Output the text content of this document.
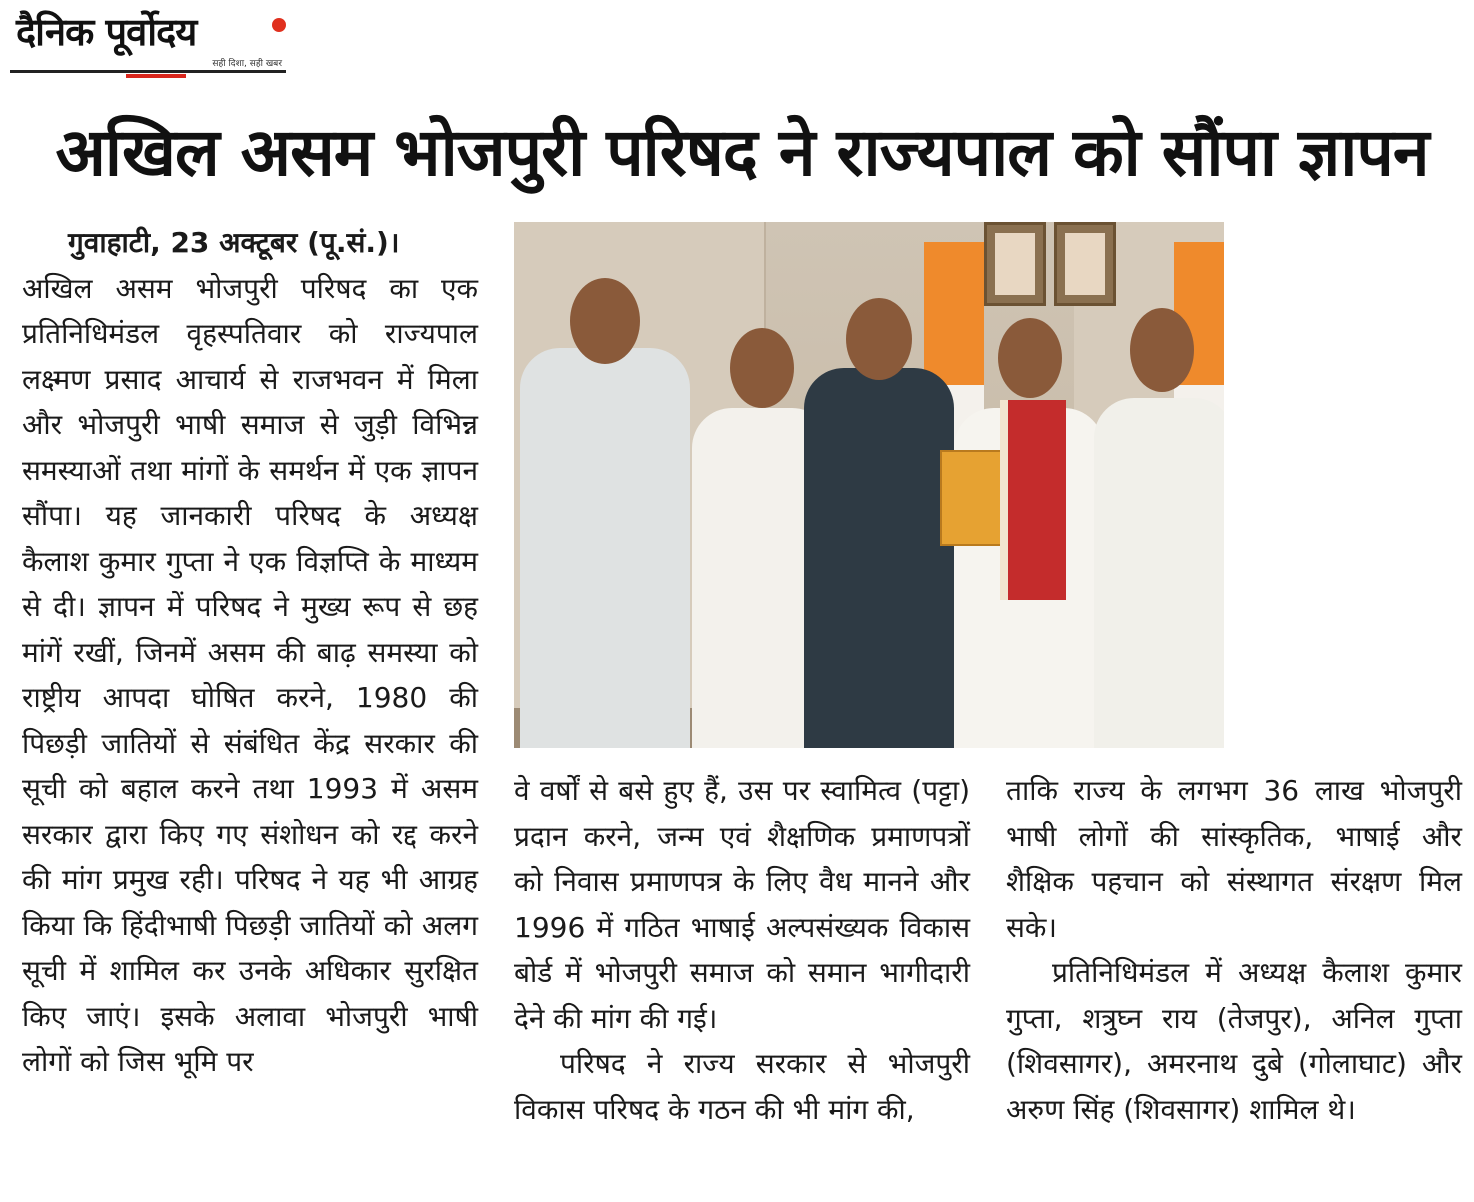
दैनिक पूर्वोदय
सही दिशा, सही खबर
अखिल असम भोजपुरी परिषद ने राज्यपाल को सौंपा ज्ञापन

गुवाहाटी, 23 अक्टूबर (पू.सं.)।

अखिल असम भोजपुरी परिषद का एक प्रतिनिधिमंडल वृहस्पतिवार को राज्यपाल लक्ष्मण प्रसाद आचार्य से राजभवन में मिला और भोजपुरी भाषी समाज से जुड़ी विभिन्न समस्याओं तथा मांगों के समर्थन में एक ज्ञापन सौंपा। यह जानकारी परिषद के अध्यक्ष कैलाश कुमार गुप्ता ने एक विज्ञप्ति के माध्यम से दी। ज्ञापन में परिषद ने मुख्य रूप से छह मांगें रखीं, जिनमें असम की बाढ़ समस्या को राष्ट्रीय आपदा घोषित करने, 1980 की पिछड़ी जातियों से संबंधित केंद्र सरकार की सूची को बहाल करने तथा 1993 में असम सरकार द्वारा किए गए संशोधन को रद्द करने की मांग प्रमुख रही। परिषद ने यह भी आग्रह किया कि हिंदीभाषी पिछड़ी जातियों को अलग सूची में शामिल कर उनके अधिकार सुरक्षित किए जाएं। इसके अलावा भोजपुरी भाषी लोगों को जिस भूमि पर

वे वर्षों से बसे हुए हैं, उस पर स्वामित्व (पट्टा) प्रदान करने, जन्म एवं शैक्षणिक प्रमाणपत्रों को निवास प्रमाणपत्र के लिए वैध मानने और 1996 में गठित भाषाई अल्पसंख्यक विकास बोर्ड में भोजपुरी समाज को समान भागीदारी देने की मांग की गई।

परिषद ने राज्य सरकार से भोजपुरी विकास परिषद के गठन की भी मांग की,

ताकि राज्य के लगभग 36 लाख भोजपुरी भाषी लोगों की सांस्कृतिक, भाषाई और शैक्षिक पहचान को संस्थागत संरक्षण मिल सके।

प्रतिनिधिमंडल में अध्यक्ष कैलाश कुमार गुप्ता, शत्रुघ्न राय (तेजपुर), अनिल गुप्ता (शिवसागर), अमरनाथ दुबे (गोलाघाट) और अरुण सिंह (शिवसागर) शामिल थे।
